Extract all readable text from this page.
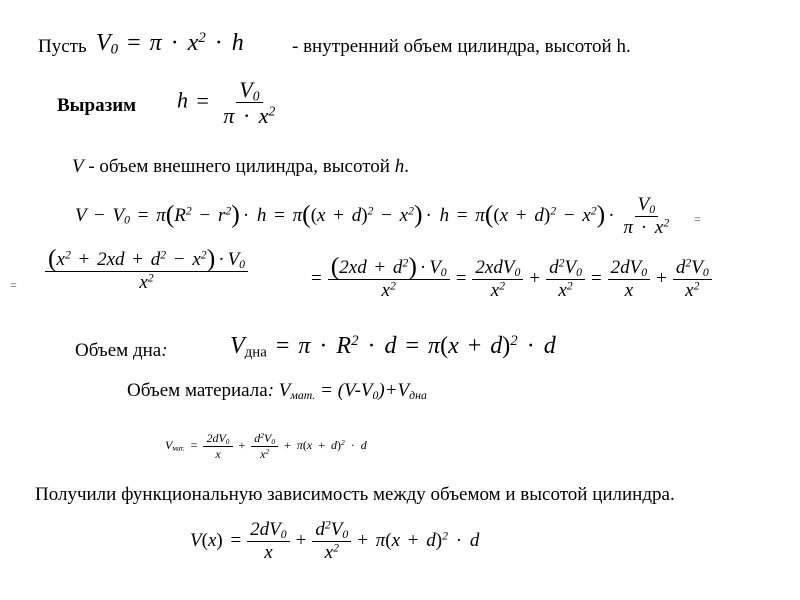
Пусть $V_0 = \pi \cdot x^2 \cdot h$	- внутренний объем цилиндра, высотой h.
Выразим $h = \frac{V_0}{\pi \cdot x^2}$
V - объем внешнего цилиндра, высотой h.
$V - V_0 = \pi(R^2 - r^2) \cdot h = \pi((x + d)^2 - x^2) \cdot h = \pi((x + d)^2 - x^2) \cdot \frac{V_0}{\pi \cdot x^2}$ =
= $\frac{(x^2 + 2xd + d^2 - x^2) \cdot V_0}{x^2}$	= $\frac{(2xd + d^2) \cdot V_0}{x^2} = \frac{2xdV_0}{x^2} + \frac{d^2V_0}{x^2} = \frac{2dV_0}{x} + \frac{d^2V_0}{x^2}$
Объем дна:	$V_{дна} = \pi \cdot R^2 \cdot d = \pi(x + d)^2 \cdot d$
Объем материала: $V_{мат.} = (V-V_0)+V_{дна}$
$V_{мат.} = \frac{2dV_0}{x} + \frac{d^2V_0}{x^2} + \pi(x + d)^2 \cdot d$
Получили функциональную зависимость между объемом и высотой цилиндра.
$V(x) = \frac{2dV_0}{x} + \frac{d^2V_0}{x^2} + \pi(x + d)^2 \cdot d$
